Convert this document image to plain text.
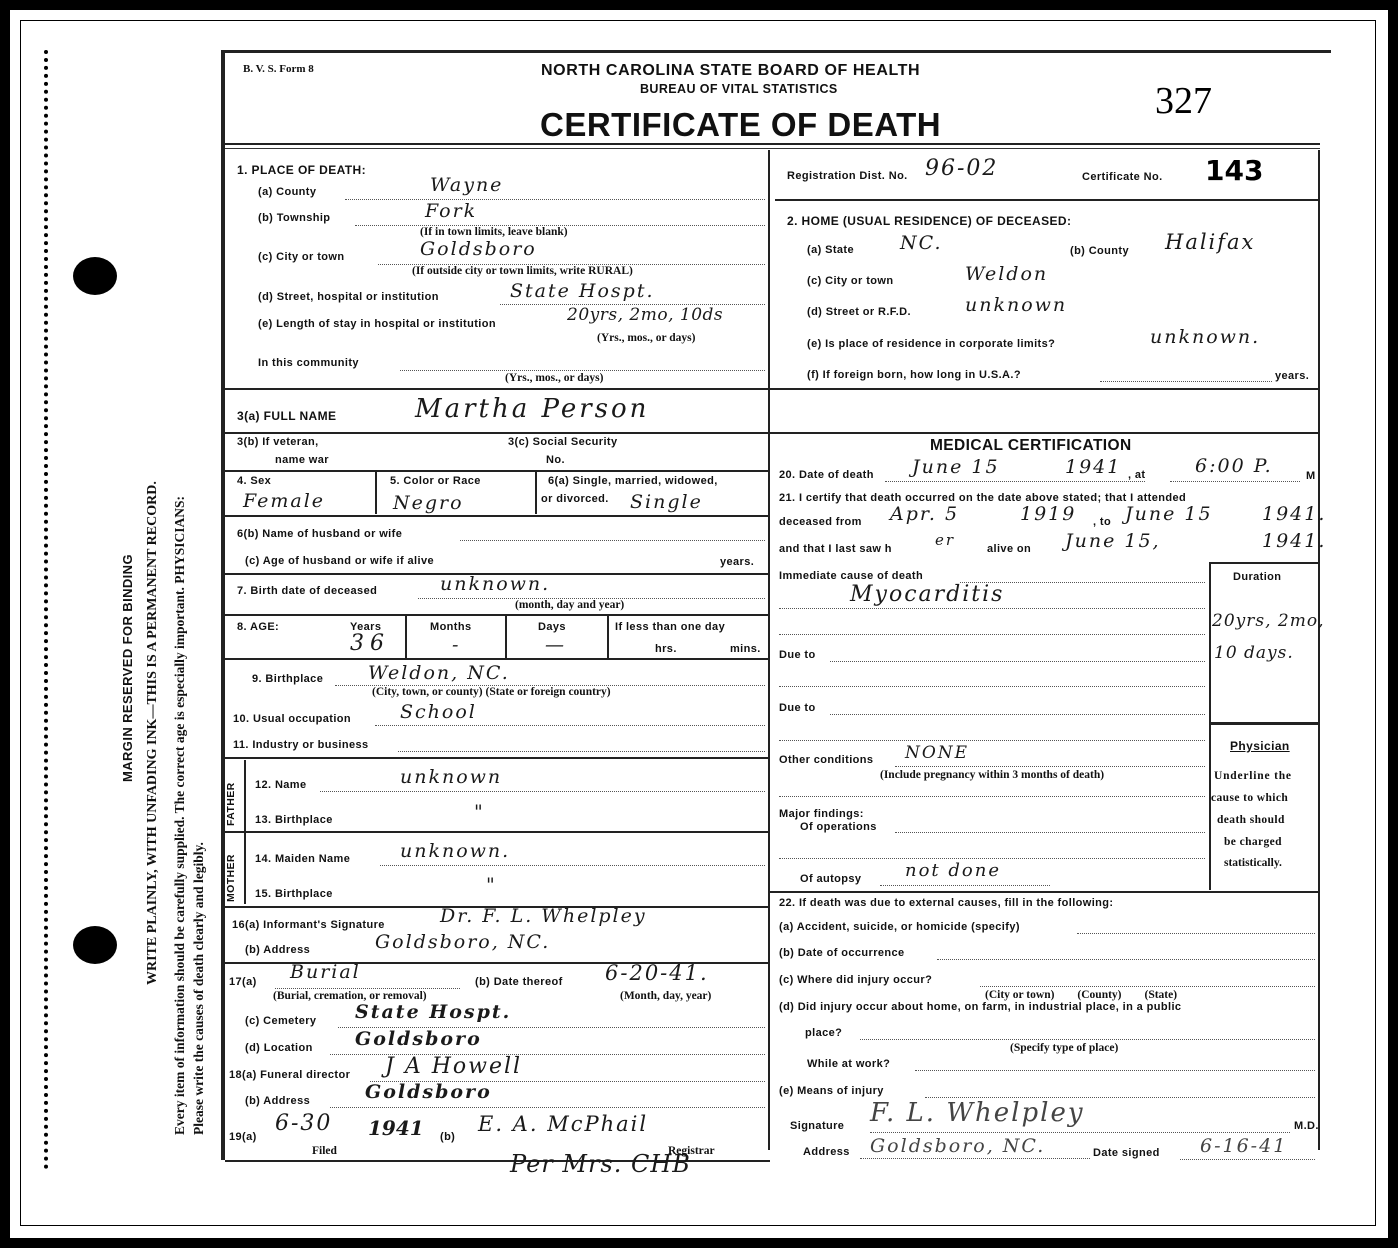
MARGIN RESERVED FOR BINDING WRITE PLAINLY, WITH UNFADING INK—THIS IS A PERMANENT RECORD. Every item of information should be carefully supplied. The correct age is especially important. PHYSICIANS: Please write the causes of death clearly and legibly.
B. V. S. Form 8	NORTH CAROLINA STATE BOARD OF HEALTH
BUREAU OF VITAL STATISTICS
CERTIFICATE OF DEATH
327
1. PLACE OF DEATH:
(a) County	Wayne
(b) Township	Fork
(If in town limits, leave blank)
(c) City or town	Goldsboro
(If outside city or town limits, write RURAL)
(d) Street, hospital or institution	State Hospt.
(e) Length of stay in hospital or institution	20yrs, 2mo, 10ds
(Yrs., mos., or days)
In this community
(Yrs., mos., or days)
Registration Dist. No. 96-02	Certificate No. 143
2. HOME (USUAL RESIDENCE) OF DECEASED:
(a) State NC.	(b) County Halifax
(c) City or town	Weldon
(d) Street or R.F.D.	unknown
(e) Is place of residence in corporate limits?	unknown.
(f) If foreign born, how long in U.S.A.?	years.
3(a) FULL NAME	Martha Person
3(b) If veteran,
name war
3(c) Social Security
No.
4. Sex
Female
5. Color or Race
Negro
6(a) Single, married, widowed,
or divorced. Single
6(b) Name of husband or wife
(c) Age of husband or wife if alive	years.
7. Birth date of deceased	unknown.
(month, day and year)
8. AGE:	Years	Months	Days	If less than one day
36	-	—	hrs.	mins.
9. Birthplace Weldon, NC.
(City, town, or county) (State or foreign country)
10. Usual occupation	School
11. Industry or business
FATHER 12. Name	unknown
13. Birthplace	"
MOTHER 14. Maiden Name	unknown.
15. Birthplace	"
16(a) Informant's Signature	Dr. F. L. Whelpley
(b) Address	Goldsboro, NC.
17(a) Burial	(b) Date thereof 6-20-41.
(Burial, cremation, or removal)	(Month, day, year)
(c) Cemetery State Hospt.
(d) Location Goldsboro
18(a) Funeral director J A Howell
(b) Address	Goldsboro
19(a)
6-30 1941 (b)
E. A. McPhail
Filed	Registrar
Per Mrs. CHB
MEDICAL CERTIFICATION
20. Date of death June 15	1941 , at	6:00 P.	M
21. I certify that death occurred on the date above stated; that I attended
deceased from Apr. 5	1919 , to June 15	1941.
and that I last saw h	er	alive on June 15,	1941.
Immediate cause of death
Myocarditis
Duration
20yrs, 2mo,
10 days.
Due to
Due to
Physician
Underline the
cause to which
death should
be charged
statistically.
Other conditions NONE
(Include pregnancy within 3 months of death)
Major findings:
Of operations
Of autopsy not done
22. If death was due to external causes, fill in the following:
(a) Accident, suicide, or homicide (specify)
(b) Date of occurrence
(c) Where did injury occur?
(City or town)        (County)        (State)
(d) Did injury occur about home, on farm, in industrial place, in a public
place?
(Specify type of place)
While at work?
(e) Means of injury
Signature F. L. Whelpley	M.D.
Address Goldsboro, NC.	Date signed 6-16-41
